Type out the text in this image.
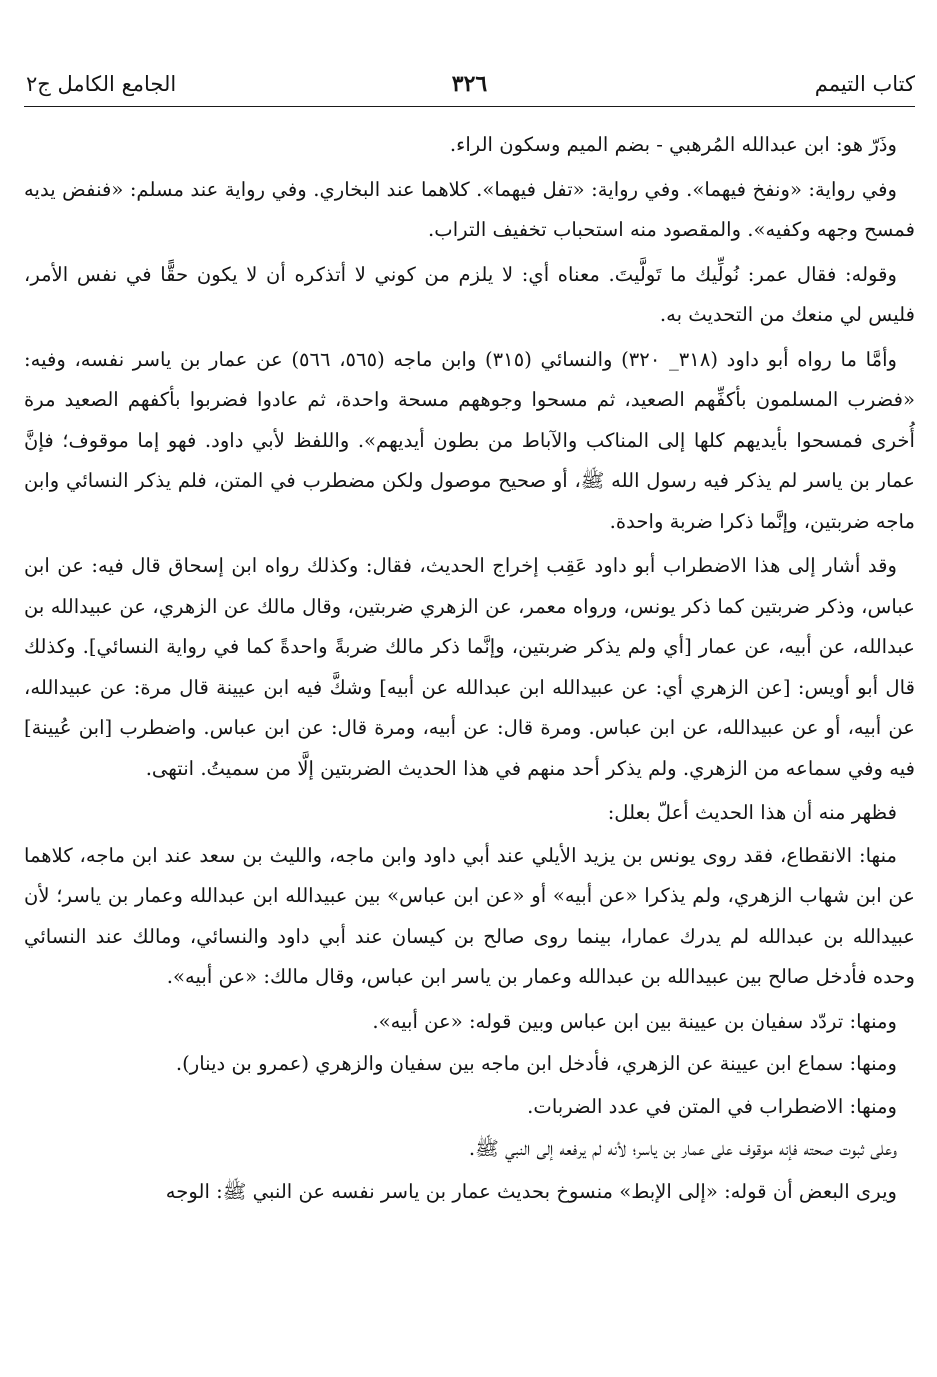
كتاب التيمم
٣٢٦
الجامع الكامل ج٢

وذَرّ هو: ابن عبدالله المُرهبي - بضم الميم وسكون الراء.

وفي رواية: «ونفخ فيهما». وفي رواية: «تفل فيهما». كلاهما عند البخاري. وفي رواية عند مسلم: «فنفض يديه فمسح وجهه وكفيه». والمقصود منه استحباب تخفيف التراب.

وقوله: فقال عمر: نُولِّيك ما تَولَّيتَ. معناه أي: لا يلزم من كوني لا أتذكره أن لا يكون حقًّا في نفس الأمر، فليس لي منعك من التحديث به.

وأمَّا ما رواه أبو داود (٣١٨_ ٣٢٠) والنسائي (٣١٥) وابن ماجه (٥٦٥، ٥٦٦) عن عمار بن ياسر نفسه، وفيه: «فضرب المسلمون بأكفِّهم الصعيد، ثم مسحوا وجوههم مسحة واحدة، ثم عادوا فضربوا بأكفهم الصعيد مرة أُخرى فمسحوا بأيديهم كلها إلى المناكب والآباط من بطون أيديهم». واللفظ لأبي داود. فهو إما موقوف؛ فإنَّ عمار بن ياسر لم يذكر فيه رسول الله ﷺ، أو صحيح موصول ولكن مضطرب في المتن، فلم يذكر النسائي وابن ماجه ضربتين، وإنَّما ذكرا ضربة واحدة.

وقد أشار إلى هذا الاضطراب أبو داود عَقِب إخراج الحديث، فقال: وكذلك رواه ابن إسحاق قال فيه: عن ابن عباس، وذكر ضربتين كما ذكر يونس، ورواه معمر، عن الزهري ضربتين، وقال مالك عن الزهري، عن عبيدالله بن عبدالله، عن أبيه، عن عمار [أي ولم يذكر ضربتين، وإنَّما ذكر مالك ضربةً واحدةً كما في رواية النسائي]. وكذلك قال أبو أويس: [عن الزهري أي: عن عبيدالله ابن عبدالله عن أبيه] وشكَّ فيه ابن عيينة قال مرة: عن عبيدالله، عن أبيه، أو عن عبيدالله، عن ابن عباس. ومرة قال: عن أبيه، ومرة قال: عن ابن عباس. واضطرب [ابن عُيينة] فيه وفي سماعه من الزهري. ولم يذكر أحد منهم في هذا الحديث الضربتين إلَّا من سميتُ. انتهى.

فظهر منه أن هذا الحديث أعلّ بعلل:

منها: الانقطاع، فقد روى يونس بن يزيد الأيلي عند أبي داود وابن ماجه، والليث بن سعد عند ابن ماجه، كلاهما عن ابن شهاب الزهري، ولم يذكرا «عن أبيه» أو «عن ابن عباس» بين عبيدالله ابن عبدالله وعمار بن ياسر؛ لأن عبيدالله بن عبدالله لم يدرك عمارا، بينما روى صالح بن كيسان عند أبي داود والنسائي، ومالك عند النسائي وحده فأدخل صالح بين عبيدالله بن عبدالله وعمار بن ياسر ابن عباس، وقال مالك: «عن أبيه».

ومنها: تردّد سفيان بن عيينة بين ابن عباس وبين قوله: «عن أبيه».

ومنها: سماع ابن عيينة عن الزهري، فأدخل ابن ماجه بين سفيان والزهري (عمرو بن دينار).

ومنها: الاضطراب في المتن في عدد الضربات.

وعلى ثبوت صحته فإنه موقوف على عمار بن ياسر؛ لأنه لم يرفعه إلى النبي ﷺ.

ويرى البعض أن قوله: «إلى الإبط» منسوخ بحديث عمار بن ياسر نفسه عن النبي ﷺ: الوجه
